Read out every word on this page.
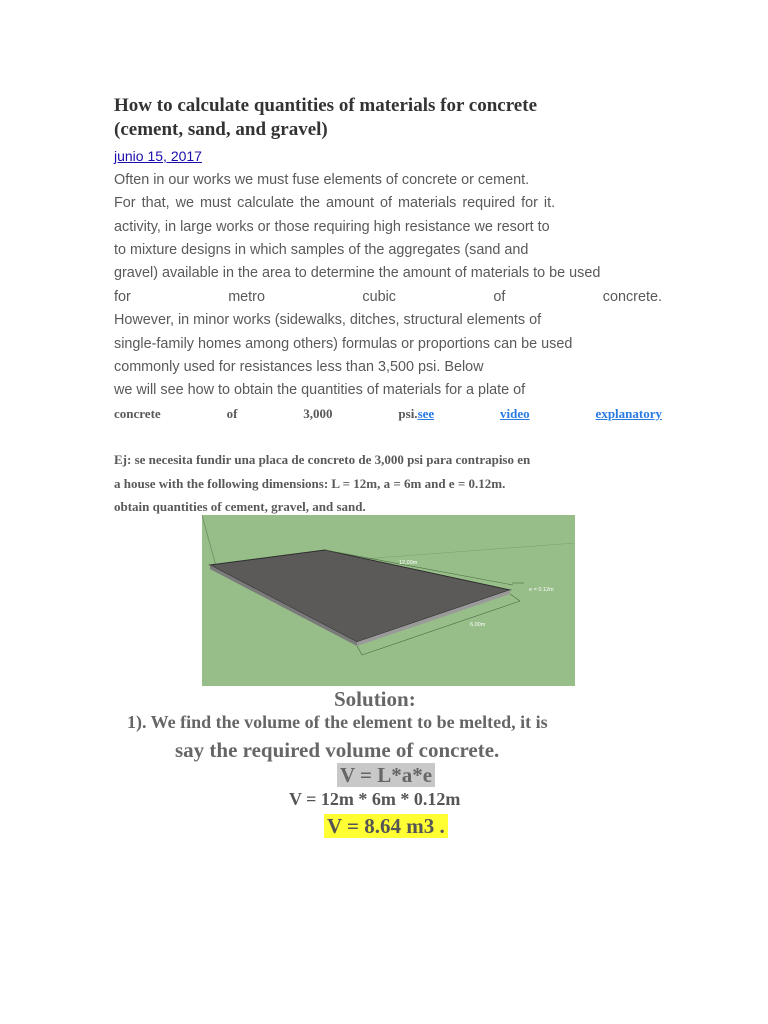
How to calculate quantities of materials for concrete
(cement, sand, and gravel)
junio 15, 2017
Often in our works we must fuse elements of concrete or cement.
For that, we must calculate the amount of materials required for it.
activity, in large works or those requiring high resistance we resort to
to mixture designs in which samples of the aggregates (sand and
gravel) available in the area to determine the amount of materials to be used
for	metro	cubic	of	concrete.
However, in minor works (sidewalks, ditches, structural elements of
single-family homes among others) formulas or proportions can be used
commonly used for resistances less than 3,500 psi. Below
we will see how to obtain the quantities of materials for a plate of
concrete	of	3,000	psi.see	video	explanatory
Ej: se necesita fundir una placa de concreto de 3,000 psi para contrapiso en
a house with the following dimensions: L = 12m, a = 6m and e = 0.12m.
obtain quantities of cement, gravel, and sand.
12,00m
6,00m
e = 0.12m
Solution:
1). We find the volume of the element to be melted, it is
say the required volume of concrete.
V = L*a*e
V = 12m * 6m * 0.12m
V = 8.64 m3 .
